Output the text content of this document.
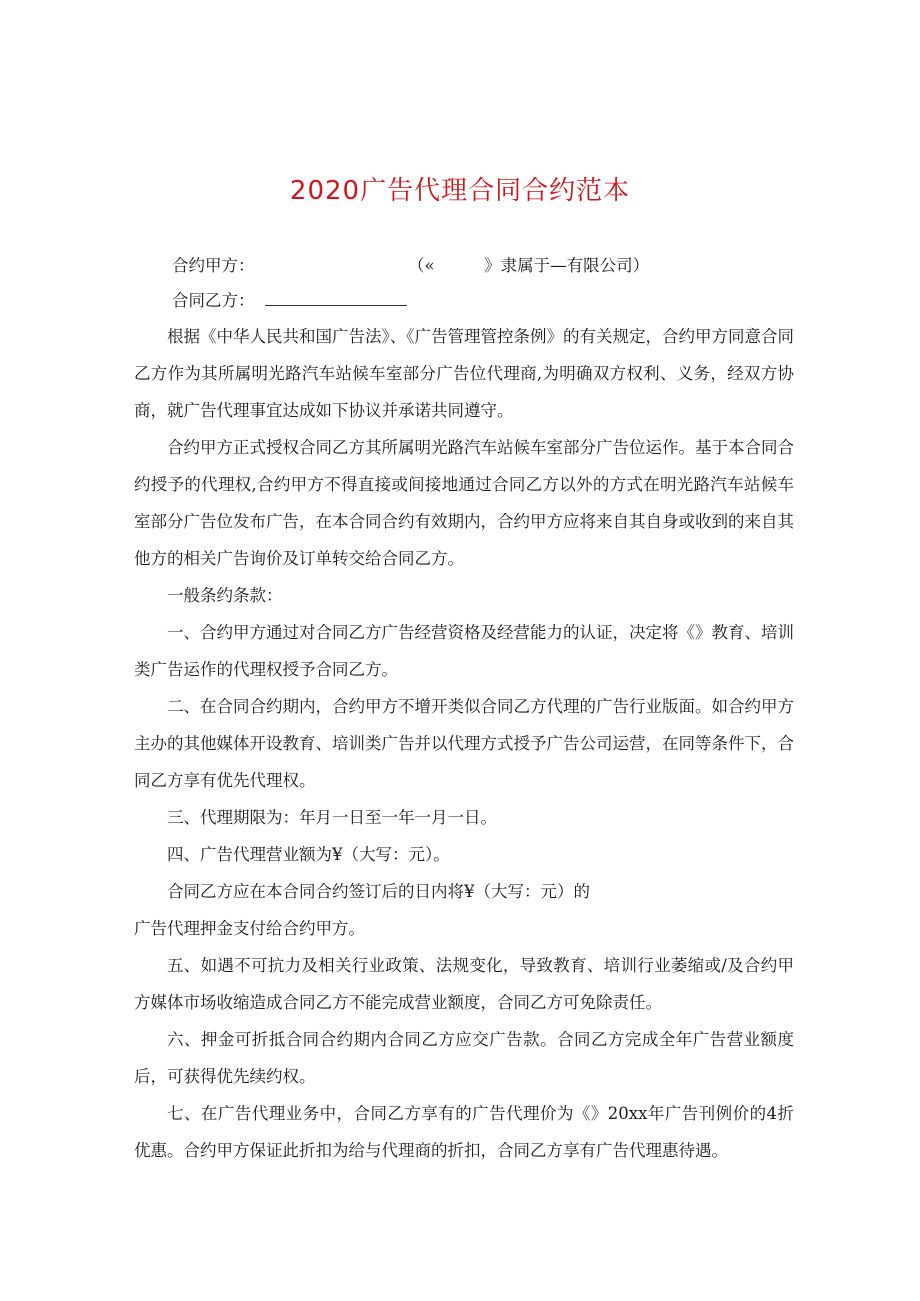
2020广告代理合同合约范本
合约甲方：	（«　　　》隶属于—有限公司）
合同乙方：

根据《中华人民共和国广告法》、《广告管理管控条例》的有关规定，合约甲方同意合同乙方作为其所属明光路汽车站候车室部分广告位代理商,为明确双方权利、义务，经双方协商，就广告代理事宜达成如下协议并承诺共同遵守。

合约甲方正式授权合同乙方其所属明光路汽车站候车室部分广告位运作。基于本合同合约授予的代理权,合约甲方不得直接或间接地通过合同乙方以外的方式在明光路汽车站候车室部分广告位发布广告，在本合同合约有效期内，合约甲方应将来自其自身或收到的来自其他方的相关广告询价及订单转交给合同乙方。

一般条约条款：

一、合约甲方通过对合同乙方广告经营资格及经营能力的认证，决定将《》教育、培训类广告运作的代理权授予合同乙方。

二、在合同合约期内，合约甲方不增开类似合同乙方代理的广告行业版面。如合约甲方主办的其他媒体开设教育、培训类广告并以代理方式授予广告公司运营，在同等条件下，合同乙方享有优先代理权。

三、代理期限为：年月一日至一年一月一日。

四、广告代理营业额为¥（大写：元）。

合同乙方应在本合同合约签订后的日内将¥（大写：元）的

广告代理押金支付给合约甲方。

五、如遇不可抗力及相关行业政策、法规变化，导致教育、培训行业萎缩或/及合约甲方媒体市场收缩造成合同乙方不能完成营业额度，合同乙方可免除责任。

六、押金可折抵合同合约期内合同乙方应交广告款。合同乙方完成全年广告营业额度后，可获得优先续约权。

七、在广告代理业务中，合同乙方享有的广告代理价为《》20xx年广告刊例价的4折优惠。合约甲方保证此折扣为给与代理商的折扣，合同乙方享有广告代理惠待遇。
